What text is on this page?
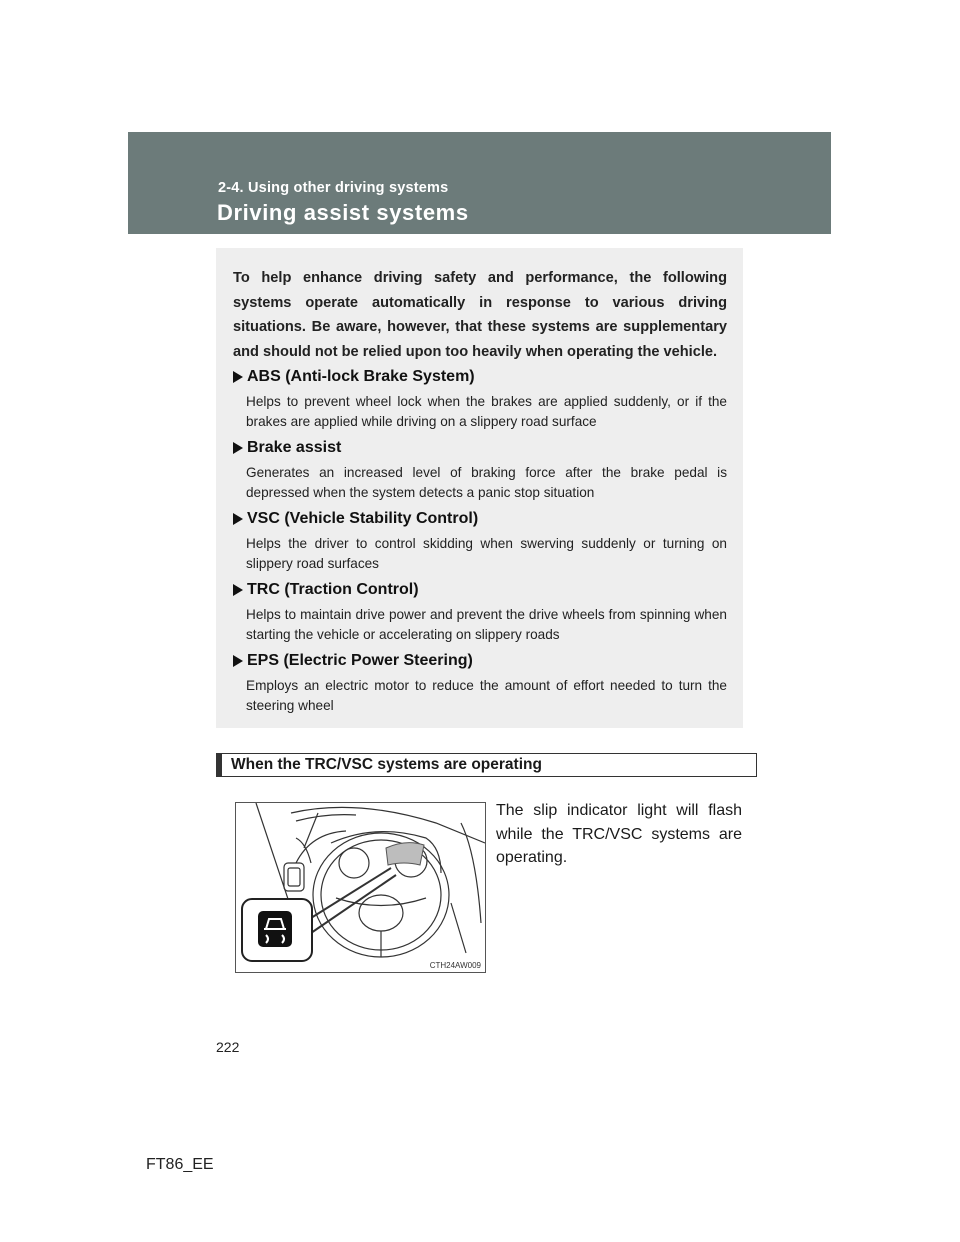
2-4. Using other driving systems
Driving assist systems
To help enhance driving safety and performance, the following systems operate automatically in response to various driving situations. Be aware, however, that these systems are supplementary and should not be relied upon too heavily when operating the vehicle.
ABS (Anti-lock Brake System)
Helps to prevent wheel lock when the brakes are applied suddenly, or if the brakes are applied while driving on a slippery road surface
Brake assist
Generates an increased level of braking force after the brake pedal is depressed when the system detects a panic stop situation
VSC (Vehicle Stability Control)
Helps the driver to control skidding when swerving suddenly or turning on slippery road surfaces
TRC (Traction Control)
Helps to maintain drive power and prevent the drive wheels from spinning when starting the vehicle or accelerating on slippery roads
EPS (Electric Power Steering)
Employs an electric motor to reduce the amount of effort needed to turn the steering wheel
When the TRC/VSC systems are operating
CTH24AW009
The slip indicator light will flash while the TRC/VSC systems are operating.
222
FT86_EE
